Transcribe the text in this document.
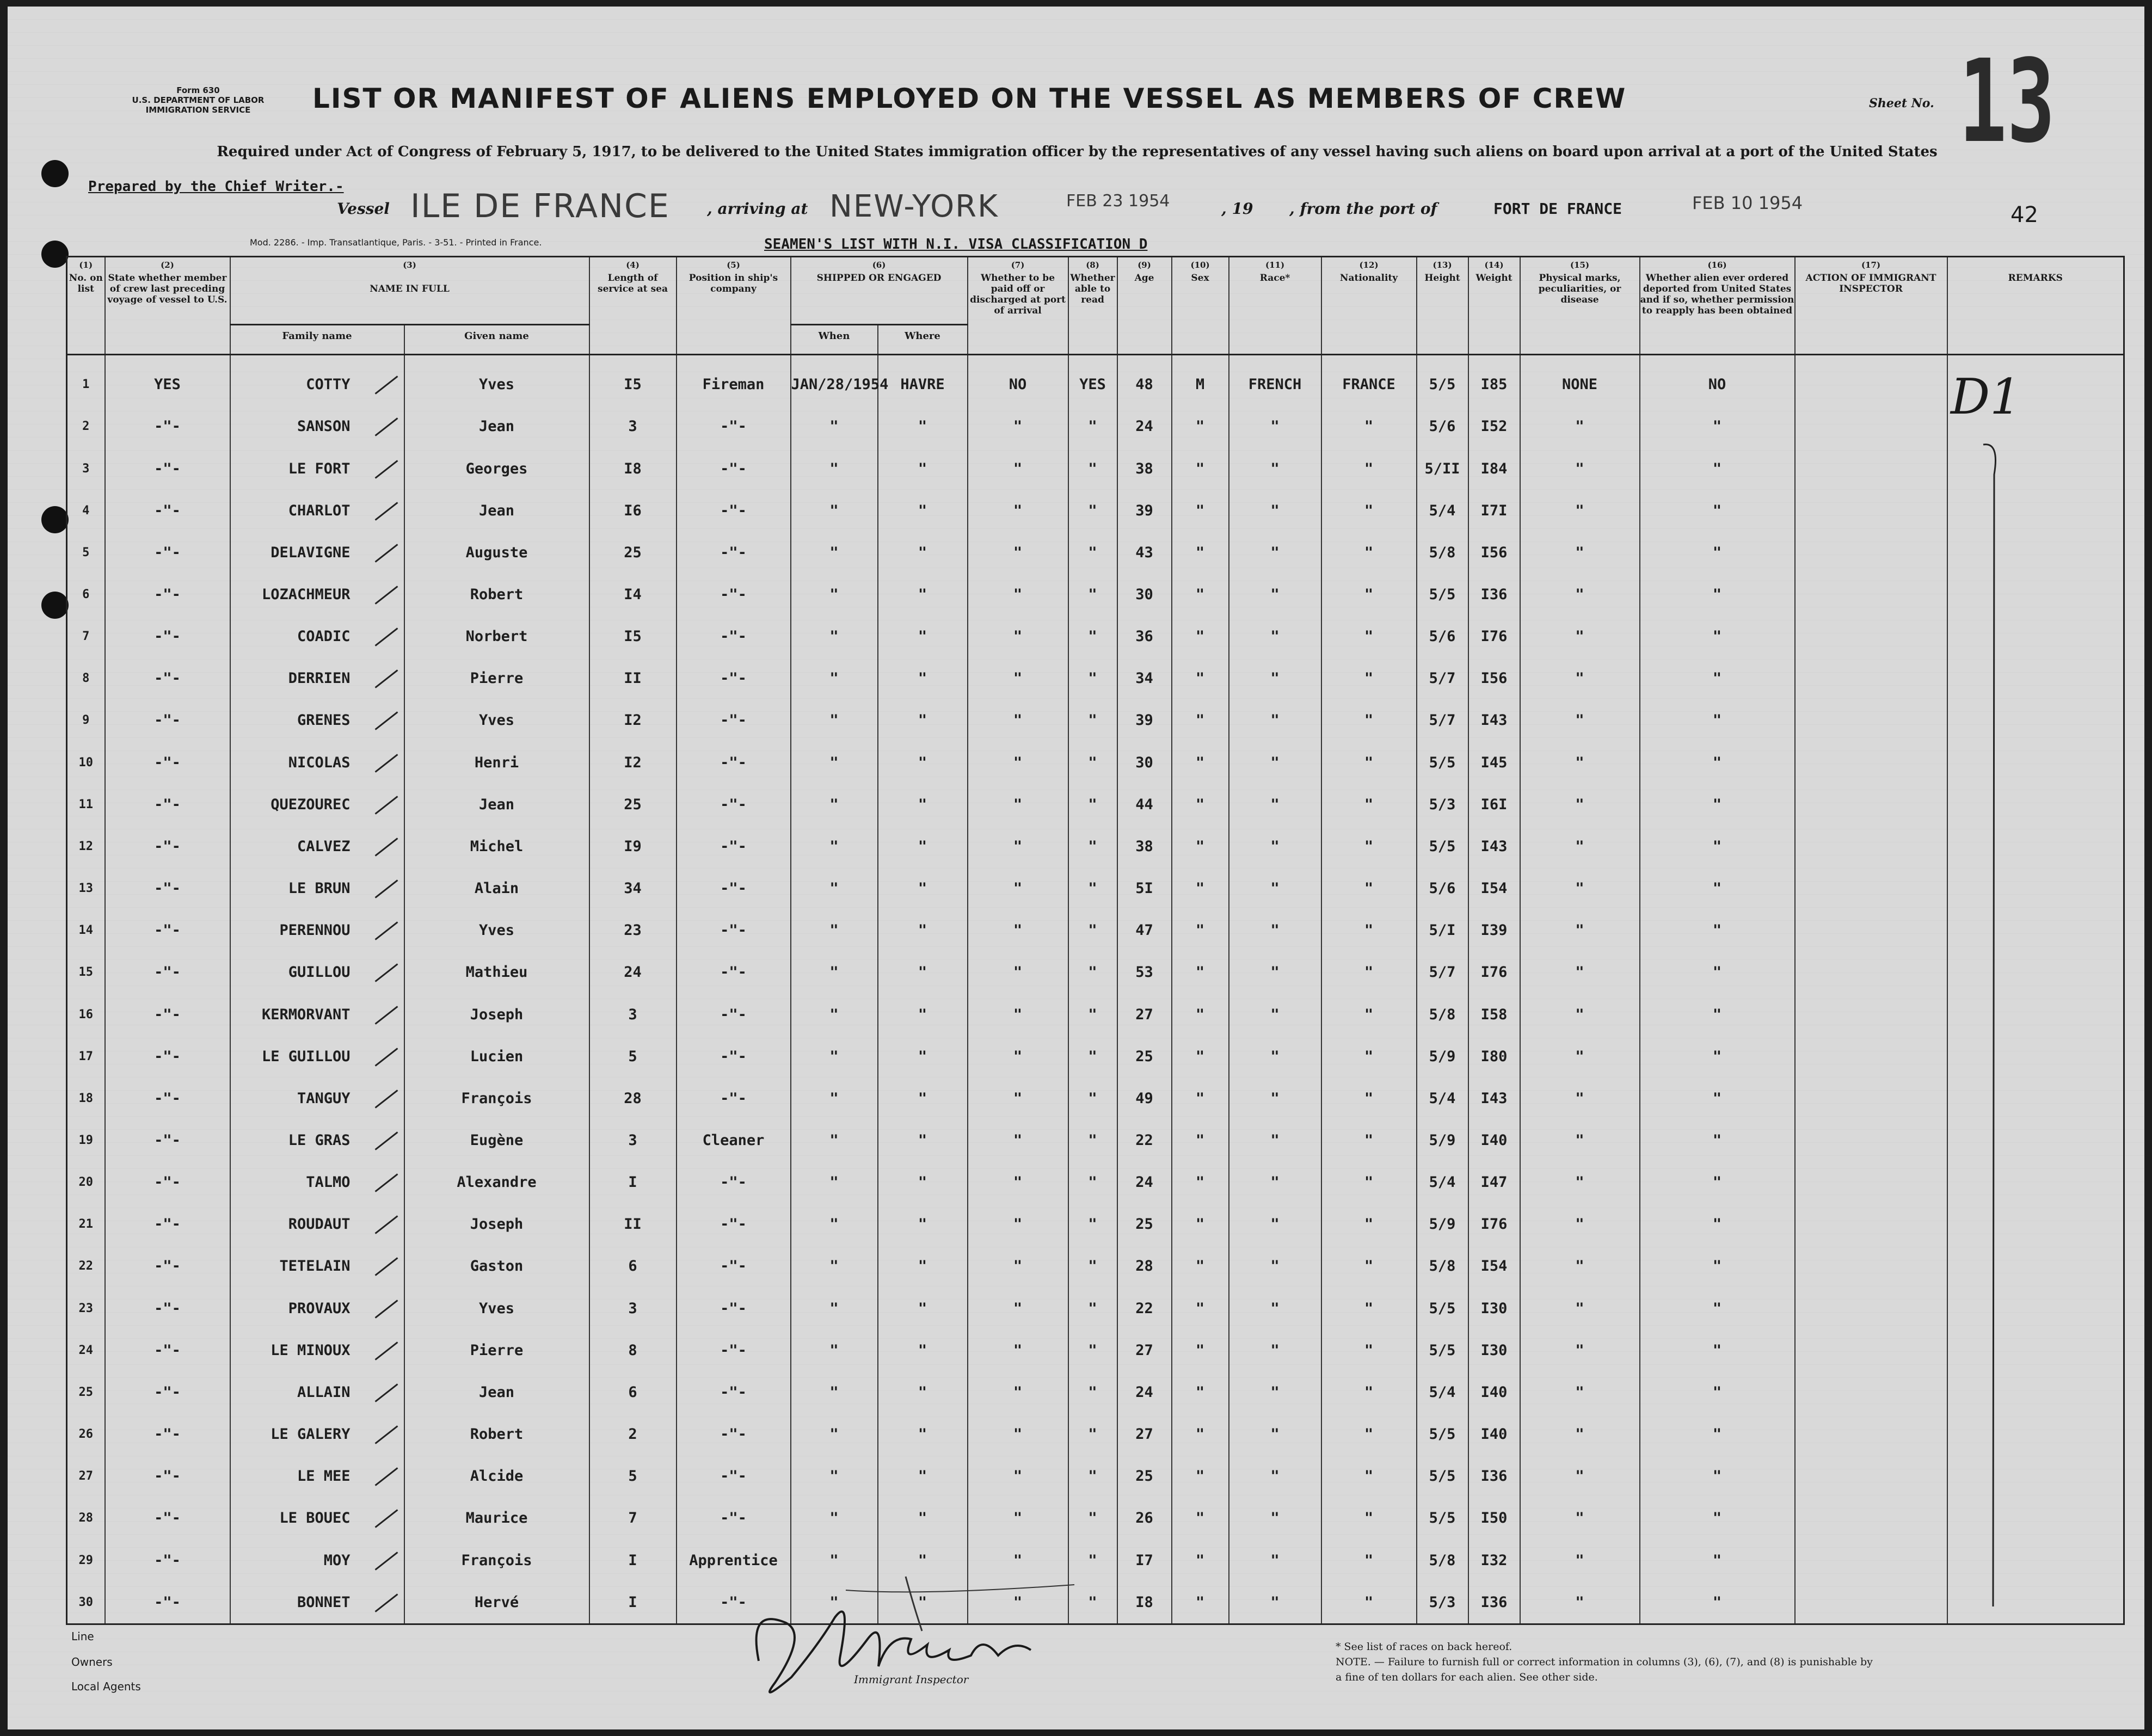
Form 630
U.S. DEPARTMENT OF LABOR
IMMIGRATION SERVICE	LIST OR MANIFEST OF ALIENS EMPLOYED ON THE VESSEL AS MEMBERS OF CREW	Sheet No. 13
Required under Act of Congress of February 5, 1917, to be delivered to the United States immigration officer by the representatives of any vessel having such aliens on board upon arrival at a port of the United States
Prepared by the Chief Writer.-
Vessel ILE DE FRANCE , arriving at NEW-YORK	FEB 23 1954	, 19 , from the port of	FORT DE FRANCE	FEB 10 1954	42
Mod. 2286. - Imp. Transatlantique, Paris. - 3-51. - Printed in France.	SEAMEN'S LIST WITH N.I. VISA CLASSIFICATION D
(1)
No. on list	(2)
State whether member of crew last preceding voyage of vessel to U.S.	(3)

NAME IN FULL		(4)
Length of service at sea	(5)
Position in ship's company	(6)
SHIPPED OR ENGAGED		(7)
Whether to be paid off or discharged at port of arrival	(8)
Whether able to read	(9)
Age	(10)
Sex	(11)
Race*	(12)
Nationality	(13)
Height	(14)
Weight	(15)
Physical marks, peculiarities, or disease	(16)
Whether alien ever ordered deported from United States and if so, whether permission to reapply has been obtained	(17)
ACTION OF IMMIGRANT INSPECTOR	REMARKS
		Family name	Given name			When	Where												
1	YES	COTTY	Yves	I5	Fireman	JAN/28/1954	HAVRE	NO	YES	48	M	FRENCH	FRANCE	5/5	I85	NONE	NO		
2	-"-	SANSON	Jean	3	-"-	"	"	"	"	24	"	"	"	5/6	I52	"	"		
3	-"-	LE FORT	Georges	I8	-"-	"	"	"	"	38	"	"	"	5/II	I84	"	"		
4	-"-	CHARLOT	Jean	I6	-"-	"	"	"	"	39	"	"	"	5/4	I7I	"	"		
5	-"-	DELAVIGNE	Auguste	25	-"-	"	"	"	"	43	"	"	"	5/8	I56	"	"		
6	-"-	LOZACHMEUR	Robert	I4	-"-	"	"	"	"	30	"	"	"	5/5	I36	"	"		
7	-"-	COADIC	Norbert	I5	-"-	"	"	"	"	36	"	"	"	5/6	I76	"	"		
8	-"-	DERRIEN	Pierre	II	-"-	"	"	"	"	34	"	"	"	5/7	I56	"	"		
9	-"-	GRENES	Yves	I2	-"-	"	"	"	"	39	"	"	"	5/7	I43	"	"		
10	-"-	NICOLAS	Henri	I2	-"-	"	"	"	"	30	"	"	"	5/5	I45	"	"		
11	-"-	QUEZOUREC	Jean	25	-"-	"	"	"	"	44	"	"	"	5/3	I6I	"	"		
12	-"-	CALVEZ	Michel	I9	-"-	"	"	"	"	38	"	"	"	5/5	I43	"	"		
13	-"-	LE BRUN	Alain	34	-"-	"	"	"	"	5I	"	"	"	5/6	I54	"	"		
14	-"-	PERENNOU	Yves	23	-"-	"	"	"	"	47	"	"	"	5/I	I39	"	"		
15	-"-	GUILLOU	Mathieu	24	-"-	"	"	"	"	53	"	"	"	5/7	I76	"	"		
16	-"-	KERMORVANT	Joseph	3	-"-	"	"	"	"	27	"	"	"	5/8	I58	"	"		
17	-"-	LE GUILLOU	Lucien	5	-"-	"	"	"	"	25	"	"	"	5/9	I80	"	"		
18	-"-	TANGUY	François	28	-"-	"	"	"	"	49	"	"	"	5/4	I43	"	"		
19	-"-	LE GRAS	Eugène	3	Cleaner	"	"	"	"	22	"	"	"	5/9	I40	"	"		
20	-"-	TALMO	Alexandre	I	-"-	"	"	"	"	24	"	"	"	5/4	I47	"	"		
21	-"-	ROUDAUT	Joseph	II	-"-	"	"	"	"	25	"	"	"	5/9	I76	"	"		
22	-"-	TETELAIN	Gaston	6	-"-	"	"	"	"	28	"	"	"	5/8	I54	"	"		
23	-"-	PROVAUX	Yves	3	-"-	"	"	"	"	22	"	"	"	5/5	I30	"	"		
24	-"-	LE MINOUX	Pierre	8	-"-	"	"	"	"	27	"	"	"	5/5	I30	"	"		
25	-"-	ALLAIN	Jean	6	-"-	"	"	"	"	24	"	"	"	5/4	I40	"	"		
26	-"-	LE GALERY	Robert	2	-"-	"	"	"	"	27	"	"	"	5/5	I40	"	"		
27	-"-	LE MEE	Alcide	5	-"-	"	"	"	"	25	"	"	"	5/5	I36	"	"		
28	-"-	LE BOUEC	Maurice	7	-"-	"	"	"	"	26	"	"	"	5/5	I50	"	"		
29	-"-	MOY	François	I	Apprentice	"	"	"	"	I7	"	"	"	5/8	I32	"	"		
30	-"-	BONNET	Hervé	I	-"-	"	"	"	"	I8	"	"	"	5/3	I36	"	"		
D1
Line
Owners
Local Agents
Immigrant Inspector
* See list of races on back hereof.
NOTE. — Failure to furnish full or correct information in columns (3), (6), (7), and (8) is punishable by a fine of ten dollars for each alien. See other side.
